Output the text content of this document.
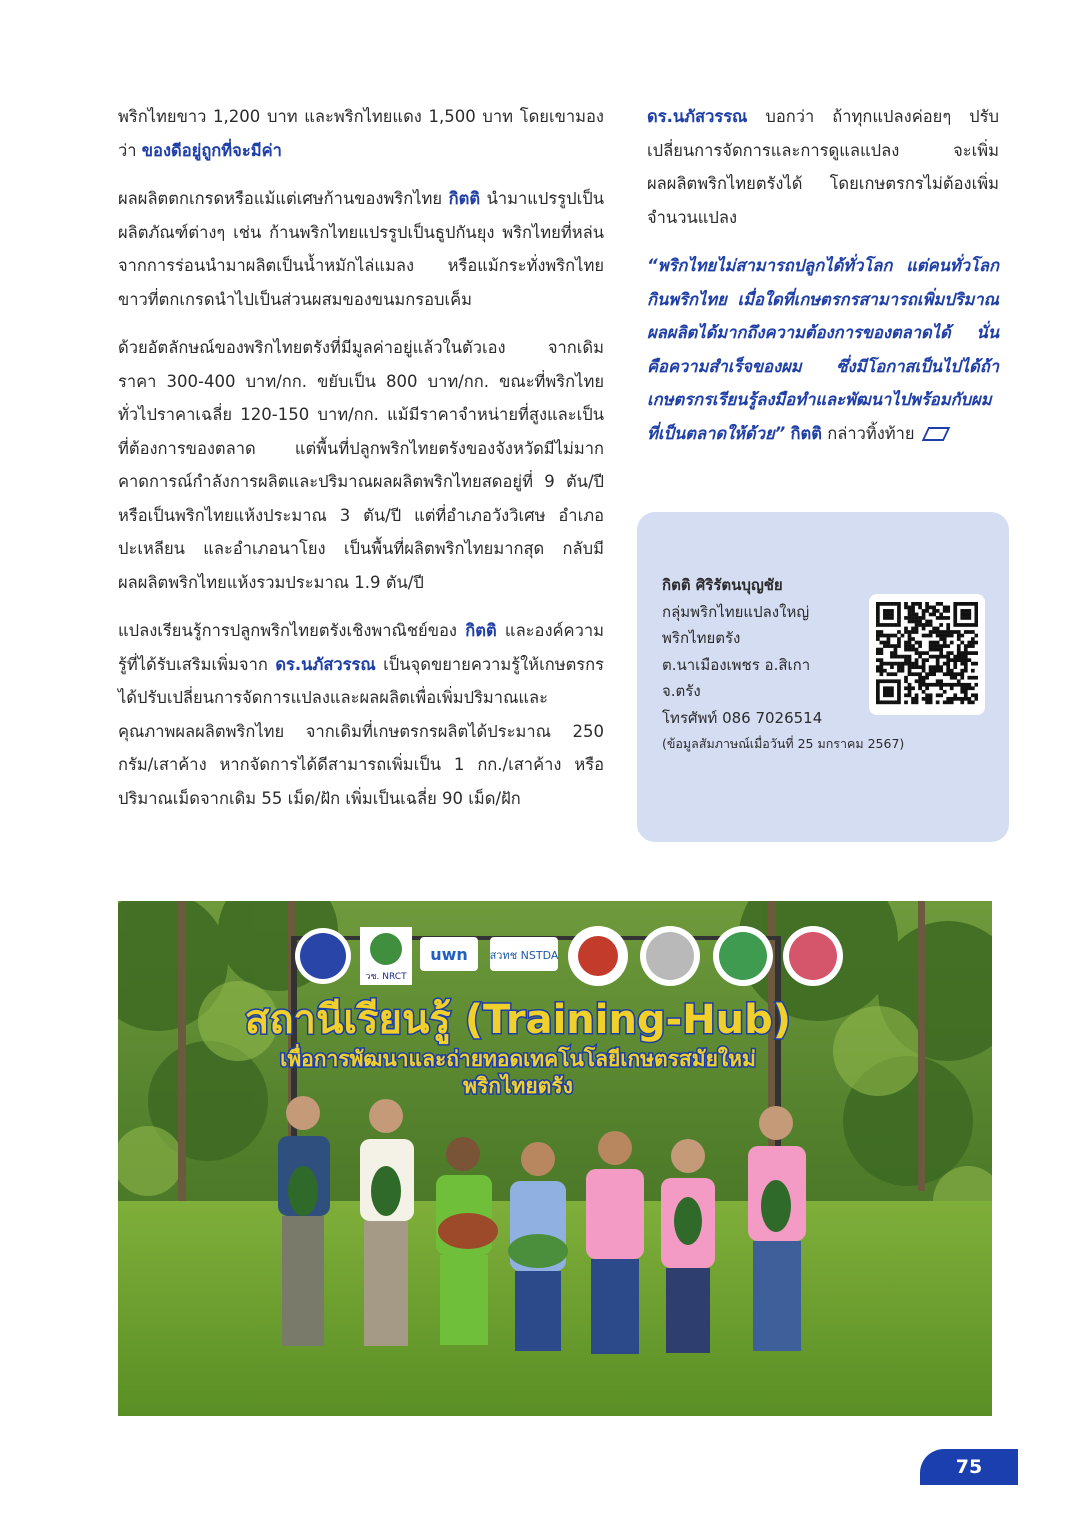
พริกไทยขาว 1,200 บาท และพริกไทยแดง 1,500 บาท โดยเขามองว่า ของดีอยู่ถูกที่จะมีค่า

ผลผลิตตกเกรดหรือแม้แต่เศษก้านของพริกไทย กิตติ นำมาแปรรูปเป็นผลิตภัณฑ์ต่างๆ เช่น ก้านพริกไทยแปรรูปเป็นธูปกันยุง พริกไทยที่หล่นจากการร่อนนำมาผลิตเป็นน้ำหมักไล่แมลง หรือแม้กระทั่งพริกไทยขาวที่ตกเกรดนำไปเป็นส่วนผสมของขนมกรอบเค็ม

ด้วยอัตลักษณ์ของพริกไทยตรังที่มีมูลค่าอยู่แล้วในตัวเอง จากเดิมราคา 300-400 บาท/กก. ขยับเป็น 800 บาท/กก. ขณะที่พริกไทยทั่วไปราคาเฉลี่ย 120-150 บาท/กก. แม้มีราคาจำหน่ายที่สูงและเป็นที่ต้องการของตลาด แต่พื้นที่ปลูกพริกไทยตรังของจังหวัดมีไม่มาก คาดการณ์กำลังการผลิตและปริมาณผลผลิตพริกไทยสดอยู่ที่ 9 ตัน/ปี หรือเป็นพริกไทยแห้งประมาณ 3 ตัน/ปี แต่ที่อำเภอวังวิเศษ อำเภอปะเหลียน และอำเภอนาโยง เป็นพื้นที่ผลิตพริกไทยมากสุด กลับมีผลผลิตพริกไทยแห้งรวมประมาณ 1.9 ตัน/ปี

แปลงเรียนรู้การปลูกพริกไทยตรังเชิงพาณิชย์ของ กิตติ และองค์ความรู้ที่ได้รับเสริมเพิ่มจาก ดร.นภัสวรรณ เป็นจุดขยายความรู้ให้เกษตรกรได้ปรับเปลี่ยนการจัดการแปลงและผลผลิตเพื่อเพิ่มปริมาณและคุณภาพผลผลิตพริกไทย จากเดิมที่เกษตรกรผลิตได้ประมาณ 250 กรัม/เสาค้าง หากจัดการได้ดีสามารถเพิ่มเป็น 1 กก./เสาค้าง หรือปริมาณเม็ดจากเดิม 55 เม็ด/ฝัก เพิ่มเป็นเฉลี่ย 90 เม็ด/ฝัก

ดร.นภัสวรรณ บอกว่า ถ้าทุกแปลงค่อยๆ ปรับเปลี่ยนการจัดการและการดูแลแปลง จะเพิ่มผลผลิตพริกไทยตรังได้ โดยเกษตรกรไม่ต้องเพิ่มจำนวนแปลง

“พริกไทยไม่สามารถปลูกได้ทั่วโลก แต่คนทั่วโลกกินพริกไทย เมื่อใดที่เกษตรกรสามารถเพิ่มปริมาณผลผลิตได้มากถึงความต้องการของตลาดได้ นั่นคือความสำเร็จของผม ซึ่งมีโอกาสเป็นไปได้ถ้าเกษตรกรเรียนรู้ลงมือทำและพัฒนาไปพร้อมกับผมที่เป็นตลาดให้ด้วย” กิตติ กล่าวทิ้งท้าย

กิตติ ศิริรัตนบุญชัย
กลุ่มพริกไทยแปลงใหญ่
พริกไทยตรัง
ต.นาเมืองเพชร อ.สิเกา
จ.ตรัง
โทรศัพท์ 086 7026514
(ข้อมูลสัมภาษณ์เมื่อวันที่ 25 มกราคม 2567)
วช. NRCT
uwn สวทช NSTDA
สถานีเรียนรู้ (Training-Hub)
เพื่อการพัฒนาและถ่ายทอดเทคโนโลยีเกษตรสมัยใหม่
พริกไทยตรัง
75
